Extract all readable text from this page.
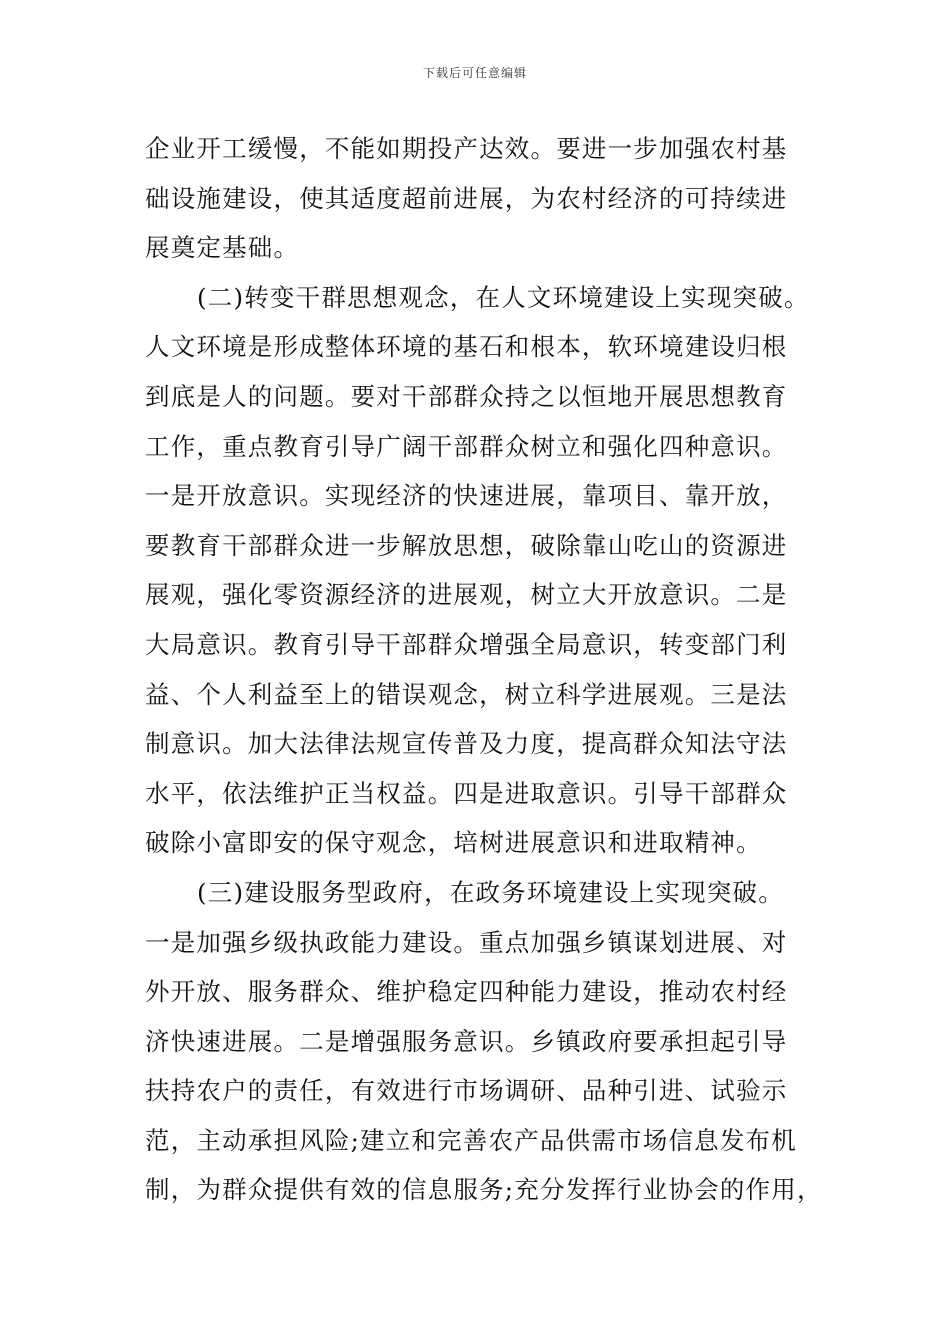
下载后可任意编辑
企业开工缓慢，不能如期投产达效。要进一步加强农村基
础设施建设，使其适度超前进展，为农村经济的可持续进
展奠定基础。
(二)转变干群思想观念，在人文环境建设上实现突破。
人文环境是形成整体环境的基石和根本，软环境建设归根
到底是人的问题。要对干部群众持之以恒地开展思想教育
工作，重点教育引导广阔干部群众树立和强化四种意识。
一是开放意识。实现经济的快速进展，靠项目、靠开放，
要教育干部群众进一步解放思想，破除靠山吃山的资源进
展观，强化零资源经济的进展观，树立大开放意识。二是
大局意识。教育引导干部群众增强全局意识，转变部门利
益、个人利益至上的错误观念，树立科学进展观。三是法
制意识。加大法律法规宣传普及力度，提高群众知法守法
水平，依法维护正当权益。四是进取意识。引导干部群众
破除小富即安的保守观念，培树进展意识和进取精神。
(三)建设服务型政府，在政务环境建设上实现突破。
一是加强乡级执政能力建设。重点加强乡镇谋划进展、对
外开放、服务群众、维护稳定四种能力建设，推动农村经
济快速进展。二是增强服务意识。乡镇政府要承担起引导
扶持农户的责任，有效进行市场调研、品种引进、试验示
范，主动承担风险;建立和完善农产品供需市场信息发布机
制，为群众提供有效的信息服务;充分发挥行业协会的作用，
